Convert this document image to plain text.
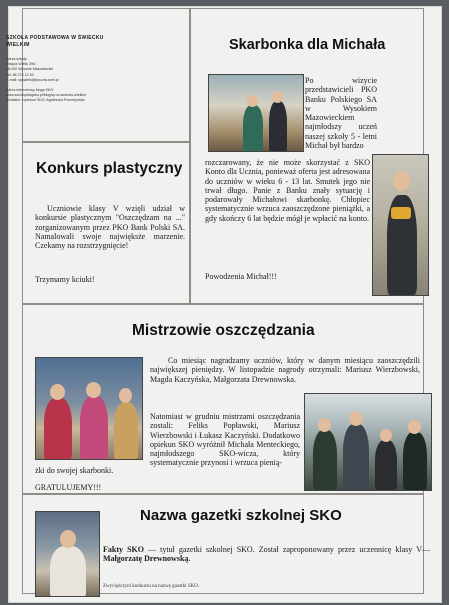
SZKOŁA PODSTAWOWA W ŚWIECKU
WIELKIM
Adres szkoły:
Święck Wielki 29A
18-200 Wysokie Mazowieckie
Tel. 86 275 12 63
E-mail: spswielki@poczta.onet.pl
Adres internetowy bloga SKO:
www.szkolnyblogsko.pl/blog/sp-w-swiecku-wielkim
Redaktor i opiekun SKO: Agnieszka Porzeżyńska
Konkurs plastyczny

Uczniowie klasy V wzięli udział w konkursie plastycznym "Oszczędzam na ..." zorganizowanym przez PKO Bank Polski SA. Namalowali swoje najwięksże marzenie. Czekamy na rozstrzygnięcie!

Trzymamy kciuki!
Skarbonka dla Michała
Po wizycie przedstawicieli PKO Banku Polskiego SA w Wysokiem Mazowieckiem najmłodszy uczeń naszej szkoły 5 - letni Michał był bardzo
rozczarowany, że nie może skorzystać z SKO Konto dla Ucznia, ponieważ oferta jest adresowana do uczniów w wieku 6 - 13 lat. Smutek jego nie trwał długo. Panie z Banku znały sytuację i podarowały Michałowi skarbonkę. Chłopiec systematycznie wrzuca zaoszczędzone pieniążki, a gdy skończy 6 lat będzie mógł je wpłacić na konto.
Powodzenia Michał!!!
Mistrzowie oszczędzania

Co miesiąc nagradzamy uczniów, który w danym miesiącu zaoszczędzili największej pieniędzy. W listopadzie nagrody otrzymali: Mariusz Wierzbowski, Magda Kaczyńska, Małgorzata Drewnowska.

Natomiast w grudniu mistrzami oszczędzania zostali: Feliks Popławski, Mariusz Wierzbowski i Łukasz Kaczyński. Dodatkowo opiekun SKO wyróżnił Michała Menteckiego, najmłodszego SKO-wicza, który systematycznie przynosi i wrzuca pienią-
żki do swojej skarbonki.
GRATULUJEMY!!!
Nazwa gazetki szkolnej SKO
Fakty SKO — tytuł gazetki szkolnej SKO. Został zaproponowany przez uczennicę klasy V—Małgorzatę Drewnowską.
Zwyciężczyni konkursu na nazwę gazetki SKO.
